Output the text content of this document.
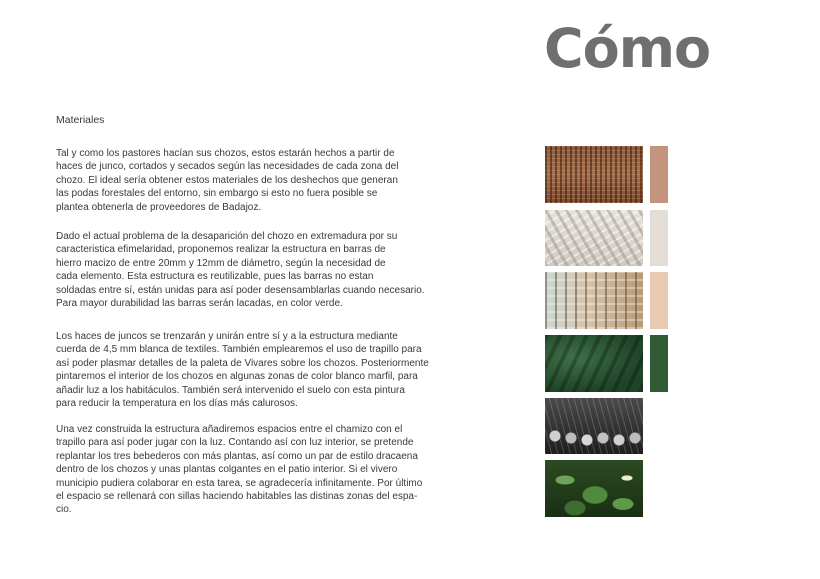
Cómo
Materiales

Tal y como los pastores hacían sus chozos, estos estarán hechos a partir de
haces de junco, cortados y secados según las necesidades de cada zona del
chozo. El ideal sería obtener estos materiales de los deshechos que generan
las podas forestales del entorno, sin embargo si esto no fuera posible se
plantea obtenerla de proveedores de Badajoz.

Dado el actual problema de la desaparición del chozo en extremadura por su
caracteristica efimelaridad, proponemos realizar la estructura en barras de
hierro macizo de entre 20mm y 12mm de diámetro, según la necesidad de
cada elemento. Esta estructura es reutilizable, pues las barras no estan
soldadas entre sí, están unidas para así poder desensamblarlas cuando necesario.
Para mayor durabilidad las barras serán lacadas, en color verde.

Los haces de juncos se trenzarán y unirán entre sí y a la estructura mediante
cuerda de 4,5 mm blanca de textiles. También emplearemos el uso de trapillo para
así poder plasmar detalles de la paleta de Vivares sobre los chozos. Posteriormente
pintaremos el interior de los chozos en algunas zonas de color blanco marfil, para
añadir luz a los habitáculos. También será intervenido el suelo con esta pintura
para reducir la temperatura en los días más calurosos.

Una vez construida la estructura añadiremos espacios entre el chamizo con el
trapillo para así poder jugar con la luz. Contando así con luz interior, se pretende
replantar los tres bebederos con más plantas, así como un par de estilo dracaena
dentro de los chozos y unas plantas colgantes en el patio interior. Si el vivero
municipio pudiera colaborar en esta tarea, se agradecería infinitamente. Por último
el espacio se rellenará con sillas haciendo habitables las distinas zonas del espa-
cio.
